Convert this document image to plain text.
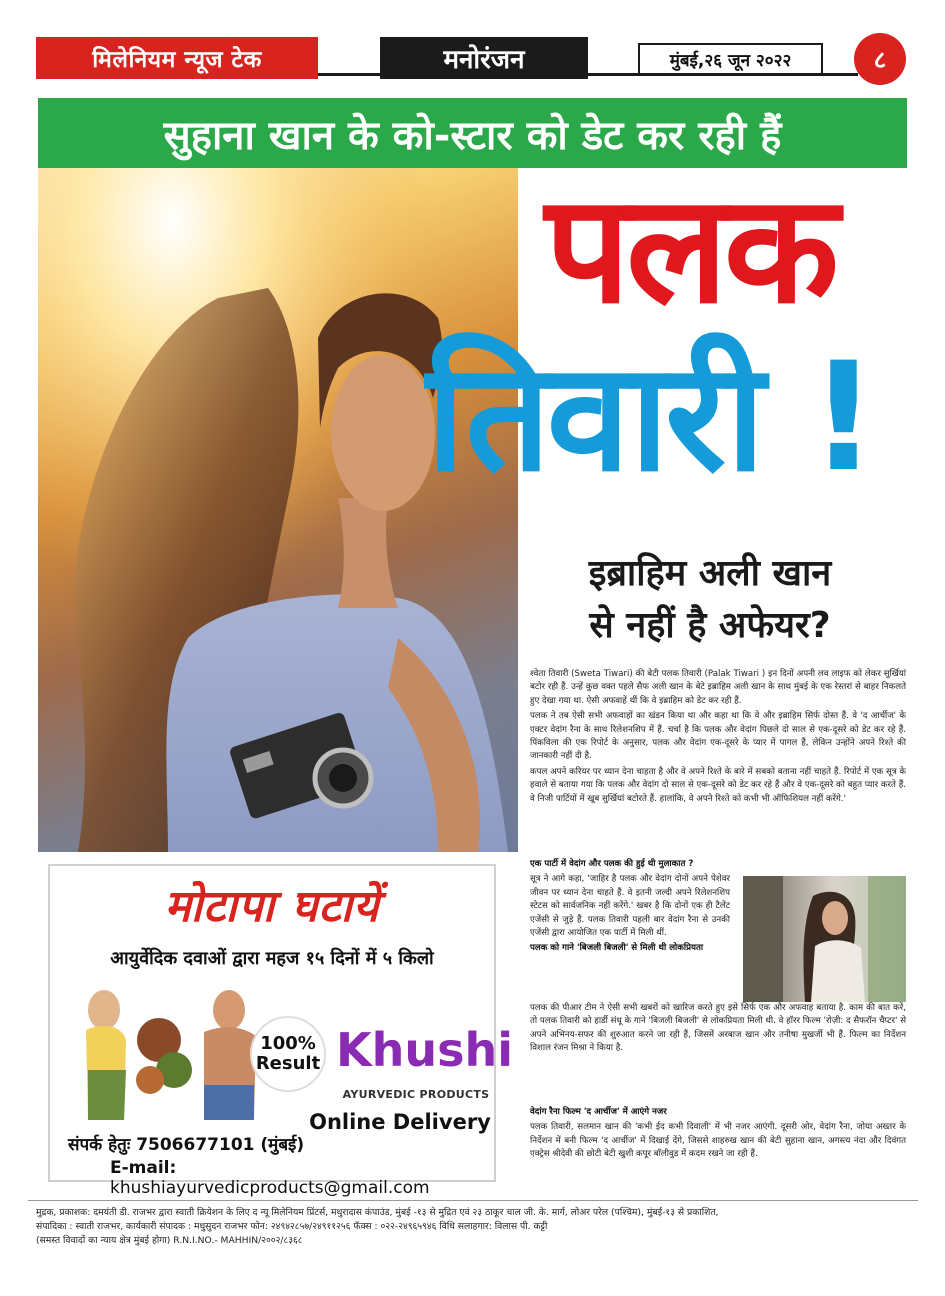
मिलेनियम न्यूज टेक	मनोरंजन	मुंबई,२६ जून २०२२	८
सुहाना खान के को-स्टार को डेट कर रही हैं
पलक
तिवारी !
इब्राहिम अली खान
से नहीं है अफेयर?

श्वेता तिवारी (Sweta Tiwari) की बेटी पलक तिवारी (Palak Tiwari ) इन दिनों अपनी लव लाइफ को लेकर सुर्खियां बटोर रही हैं. उन्हें कुछ वक्त पहले सैफ अली खान के बेटे इब्राहिम अली खान के साथ मुंबई के एक रेस्तरां से बाहर निकलते हुए देखा गया था. ऐसी अफवाहें थीं कि वे इब्राहिम को डेट कर रही हैं.

पलक ने तब ऐसी सभी अफवाहों का खंडन किया था और कहा था कि वे और इब्राहिम सिर्फ दोस्त हैं. वे 'द आर्चीज' के एक्टर वेदांग रैना के साथ रिलेशनशिप में हैं. चर्चा है कि पलक और वेदांग पिछले दो साल से एक-दूसरे को डेट कर रहे हैं. पिंकविला की एक रिपोर्ट के अनुसार, पलक और वेदांग एक-दूसरे के प्यार में पागल हैं, लेकिन उन्होंने अपने रिश्ते की जानकारी नहीं दी है.

कपल अपने करियर पर ध्यान देना चाहता है और वे अपने रिश्ते के बारे में सबको बताना नहीं चाहते हैं. रिपोर्ट में एक सूत्र के हवाले से बताया गया कि पलक और वेदांग दो साल से एक-दूसरे को डेट कर रहे हैं और वे एक-दूसरे को बहुत प्यार करते हैं. वे निजी पार्टियों में खूब सुर्खियां बटोरते हैं. हालांकि, वे अपने रिश्ते को कभी भी ऑफिशियल नहीं करेंगे.'

एक पार्टी में वेदांग और पलक की हुई थी मुलाकात ?

सूत्र ने आगे कहा, 'जाहिर है पलक और वेदांग दोनों अपने पेशेवर जीवन पर ध्यान देना चाहते हैं. वे इतनी जल्दी अपने रिलेशनशिप स्टेटस को सार्वजनिक नहीं करेंगे.' खबर है कि दोनों एक ही टैलेंट एजेंसी से जुड़े हैं. पलक तिवारी पहली बार वेदांग रैना से उनकी एजेंसी द्वारा आयोजित एक पार्टी में मिली थीं.

पलक को गाने 'बिजली बिजली' से मिली थी लोकप्रियता

पलक की पीआर टीम ने ऐसी सभी खबरों को खारिज करते हुए इसे सिर्फ एक और अफवाह बताया है. काम की बात करें, तो पलक तिवारी को हार्डी संधू के गाने 'बिजली बिजली' से लोकप्रियता मिली थी. वे हॉरर फिल्म 'रोज़ी: द सैफरॉन चैप्टर' से अपने अभिनय-सफर की शुरुआत करने जा रही हैं, जिसमें अरबाज खान और तनीषा मुखर्जी भी हैं. फिल्म का निर्देशन विशाल रंजन मिश्रा ने किया है.

वेदांग रैना फिल्म 'द आर्चीज' में आएंगे नजर

पलक तिवारी, सलमान खान की 'कभी ईद कभी दिवाली' में भी नजर आएंगी. दूसरी ओर, वेदांग रैना, जोया अख्तर के निर्देशन में बनी फिल्म 'द आर्चीज' में दिखाई देंगे, जिससे शाहरुख खान की बेटी सुहाना खान, अगस्त्य नंदा और दिवंगत एक्ट्रेस श्रीदेवी की छोटी बेटी खुशी कपूर बॉलीवुड में कदम रखने जा रही हैं.

मोटापा घटायें
आयुर्वेदिक दवाओं द्वारा महज १५ दिनों में ५ किलो
100%
Result Khushi
AYURVEDIC PRODUCTS
Online Delivery
संपर्क हेतुः 7506677101 (मुंबई)
E-mail: khushiayurvedicproducts@gmail.com
मुद्रक, प्रकाशक: दमयंती डी. राजभर द्वारा स्वाती क्रियेशन के लिए द न्यू मिलेनियम प्रिंटर्स, मथुरादास कंपाउंड, मुंबई -१३ से मुद्रित एवं २३ ठाकूर चाल जी. के. मार्ग, लोअर परेल (पश्चिम), मुंबई-१३ से प्रकाशित,
संपादिका : स्वाती राजभर, कार्यकारी संपादक : मधुसुदन राजभर फोन: २४९४२८५७/२४९११२५६ फॅक्स : ०२२-२४९६५९४६ विधि सलाहगार: विलास पी. कट्टी
(समस्त विवादों का न्याय क्षेत्र मुंबई होगा) R.N.I.NO.- MAHHIN/२००२/८३६८
